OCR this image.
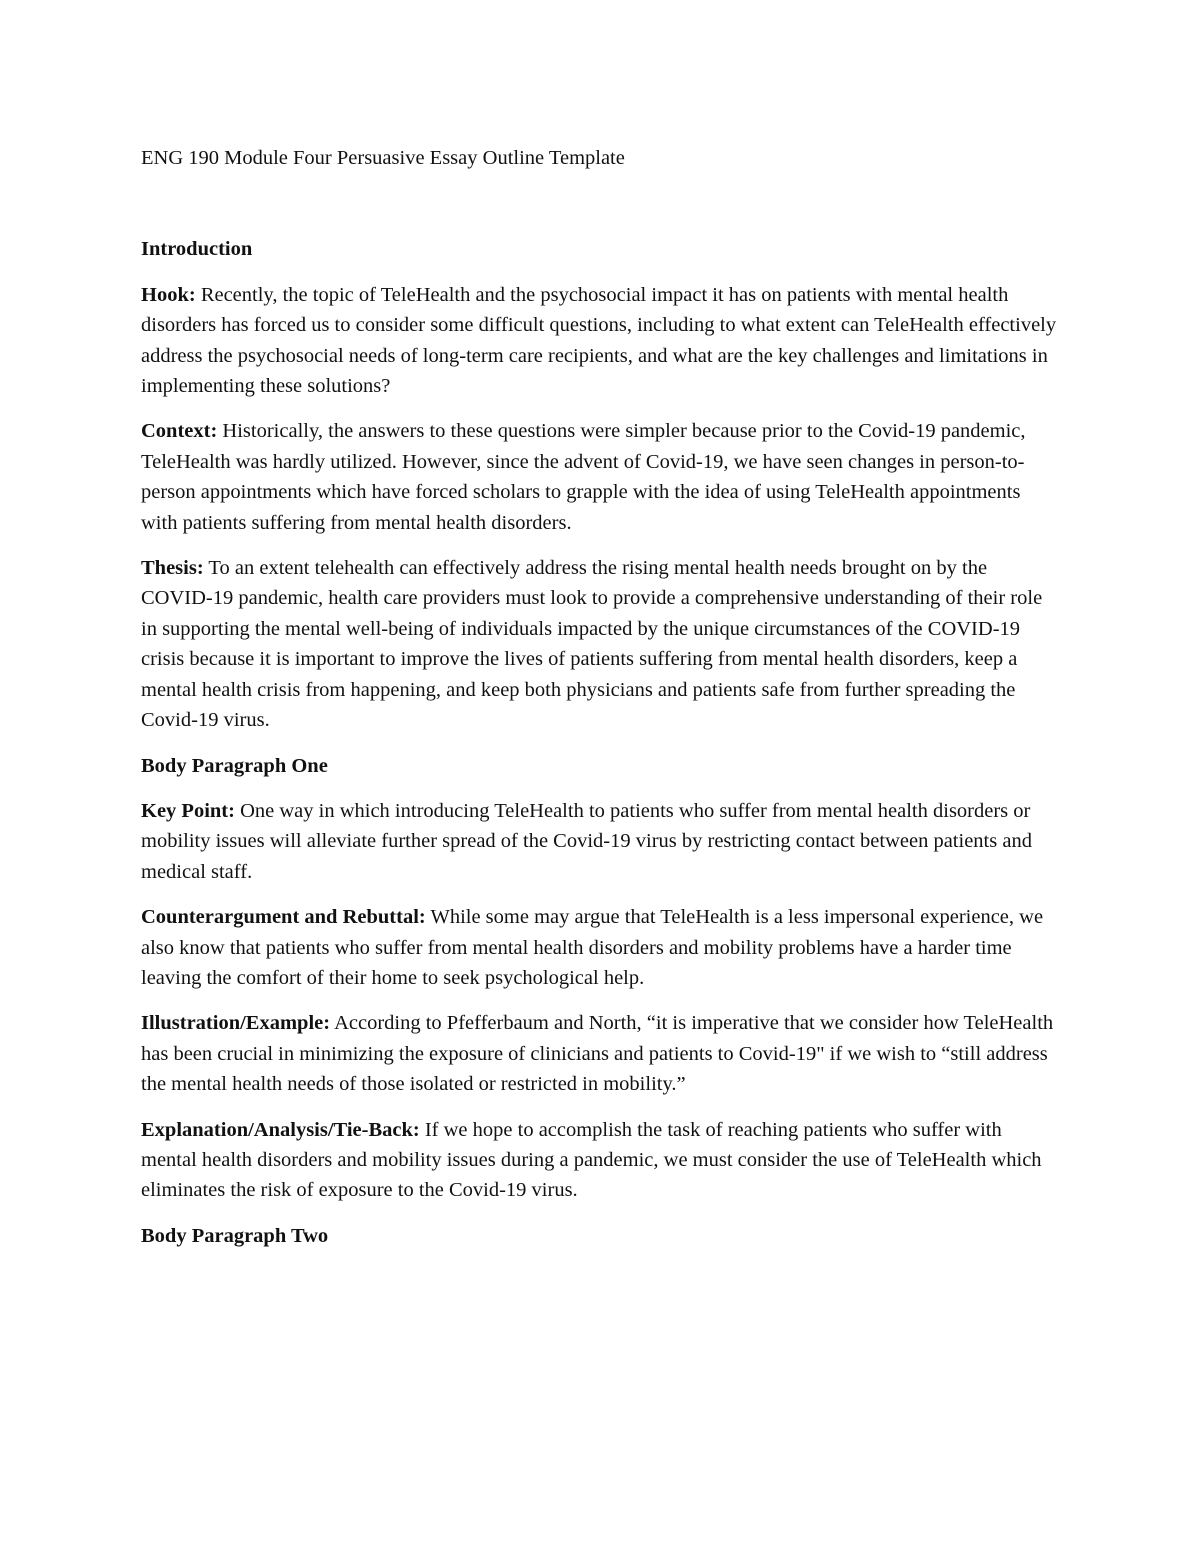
ENG 190 Module Four Persuasive Essay Outline Template
Introduction

Hook: Recently, the topic of TeleHealth and the psychosocial impact it has on patients with mental health disorders has forced us to consider some difficult questions, including to what extent can TeleHealth effectively address the psychosocial needs of long-term care recipients, and what are the key challenges and limitations in implementing these solutions?

Context: Historically, the answers to these questions were simpler because prior to the Covid-19 pandemic, TeleHealth was hardly utilized. However, since the advent of Covid-19, we have seen changes in person-to-person appointments which have forced scholars to grapple with the idea of using TeleHealth appointments with patients suffering from mental health disorders.

Thesis: To an extent telehealth can effectively address the rising mental health needs brought on by the COVID-19 pandemic, health care providers must look to provide a comprehensive understanding of their role in supporting the mental well-being of individuals impacted by the unique circumstances of the COVID-19 crisis because it is important to improve the lives of patients suffering from mental health disorders, keep a mental health crisis from happening, and keep both physicians and patients safe from further spreading the Covid-19 virus.

Body Paragraph One

Key Point: One way in which introducing TeleHealth to patients who suffer from mental health disorders or mobility issues will alleviate further spread of the Covid-19 virus by restricting contact between patients and medical staff.

Counterargument and Rebuttal: While some may argue that TeleHealth is a less impersonal experience, we also know that patients who suffer from mental health disorders and mobility problems have a harder time leaving the comfort of their home to seek psychological help.

Illustration/Example: According to Pfefferbaum and North, “it is imperative that we consider how TeleHealth has been crucial in minimizing the exposure of clinicians and patients to Covid-19" if we wish to “still address the mental health needs of those isolated or restricted in mobility.”

Explanation/Analysis/Tie-Back: If we hope to accomplish the task of reaching patients who suffer with mental health disorders and mobility issues during a pandemic, we must consider the use of TeleHealth which eliminates the risk of exposure to the Covid-19 virus.

Body Paragraph Two
